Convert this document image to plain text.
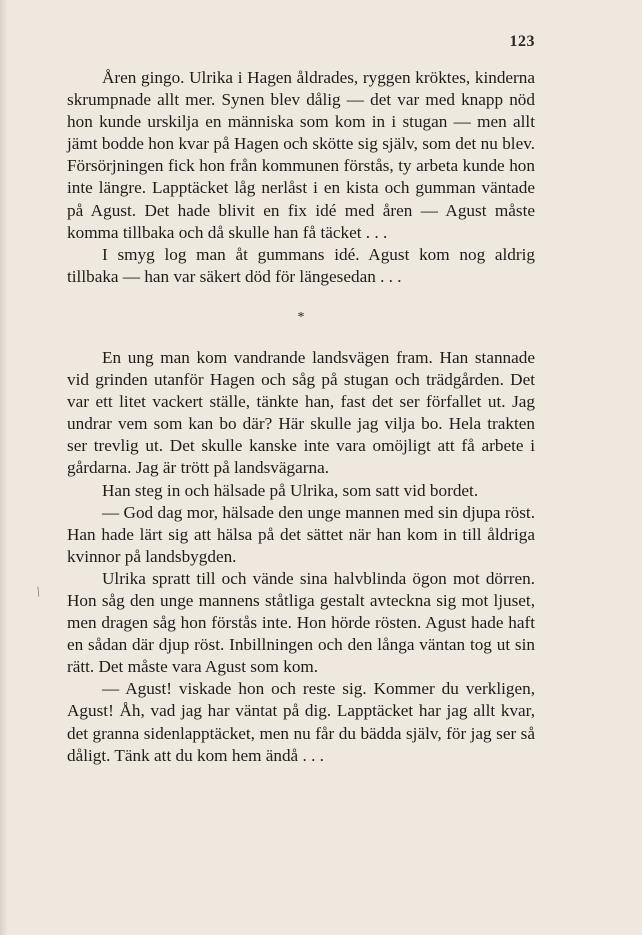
123
/

Åren gingo. Ulrika i Hagen åldrades, ryggen kröktes, kinderna skrumpnade allt mer. Synen blev dålig — det var med knapp nöd hon kunde urskilja en människa som kom in i stugan — men allt jämt bodde hon kvar på Hagen och skötte sig själv, som det nu blev. Försörjningen fick hon från kommunen förstås, ty arbeta kunde hon inte längre. Lapptäcket låg nerlåst i en kista och gumman väntade på Agust. Det hade blivit en fix idé med åren — Agust måste komma tillbaka och då skulle han få täcket . . .

I smyg log man åt gummans idé. Agust kom nog aldrig tillbaka — han var säkert död för längesedan . . .

*

En ung man kom vandrande landsvägen fram. Han stannade vid grinden utanför Hagen och såg på stugan och trädgården. Det var ett litet vackert ställe, tänkte han, fast det ser förfallet ut. Jag undrar vem som kan bo där? Här skulle jag vilja bo. Hela trakten ser trevlig ut. Det skulle kanske inte vara omöjligt att få arbete i gårdarna. Jag är trött på landsvägarna.

Han steg in och hälsade på Ulrika, som satt vid bordet.

— God dag mor, hälsade den unge mannen med sin djupa röst. Han hade lärt sig att hälsa på det sättet när han kom in till åldriga kvinnor på landsbygden.

Ulrika spratt till och vände sina halvblinda ögon mot dörren. Hon såg den unge mannens ståtliga gestalt avteckna sig mot ljuset, men dragen såg hon förstås inte. Hon hörde rösten. Agust hade haft en sådan där djup röst. Inbillningen och den långa väntan tog ut sin rätt. Det måste vara Agust som kom.

— Agust! viskade hon och reste sig. Kommer du verkligen, Agust! Åh, vad jag har väntat på dig. Lapptäcket har jag allt kvar, det granna sidenlapptäcket, men nu får du bädda själv, för jag ser så dåligt. Tänk att du kom hem ändå . . .
